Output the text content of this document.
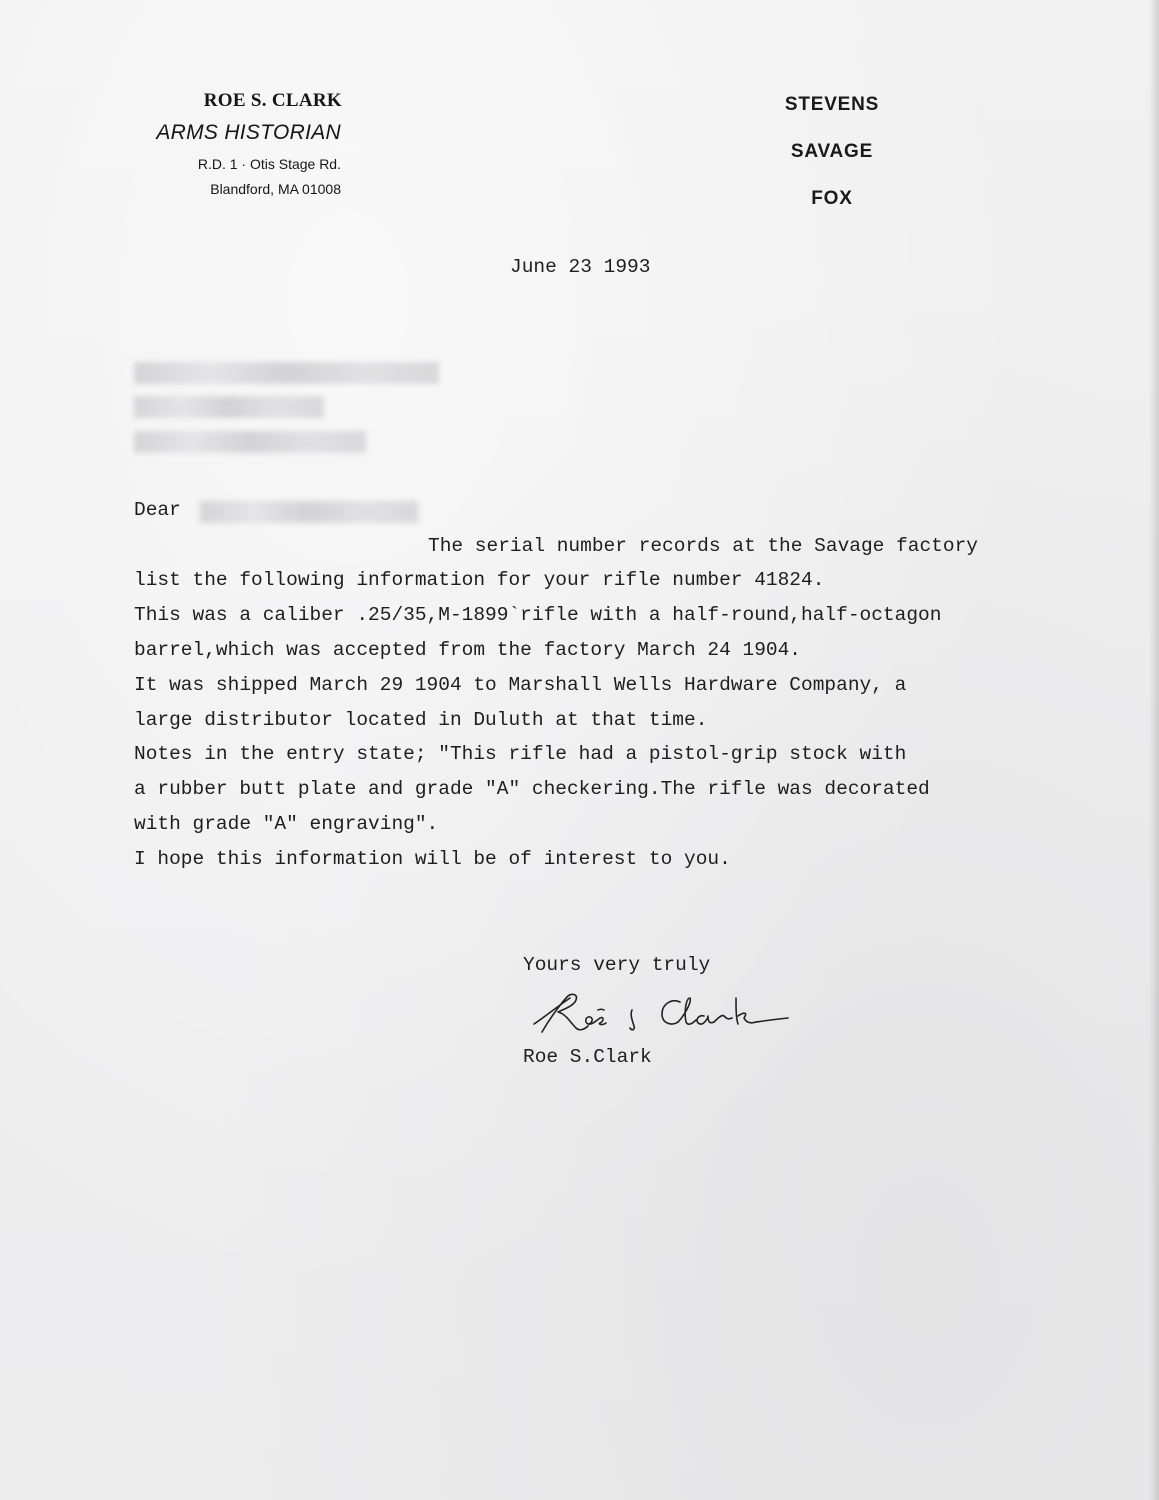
ROE S. CLARK
ARMS HISTORIAN
R.D. 1 · Otis Stage Rd.
Blandford, MA 01008
STEVENS
SAVAGE
FOX
June 23 1993
Dear
The serial number records at the Savage factory
list the following information for your rifle number 41824.
This was a caliber .25/35,M-1899`rifle with a half-round,half-octagon
barrel,which was accepted from the factory March 24 1904.
It was shipped March 29 1904 to Marshall Wells Hardware Company, a
large distributor located in Duluth at that time.
Notes in the entry state; "This rifle had a pistol-grip stock with
a rubber butt plate and grade "A" checkering.The rifle was decorated
with grade "A" engraving".
I hope this information will be of interest to you.
Yours very truly
Roe S.Clark
